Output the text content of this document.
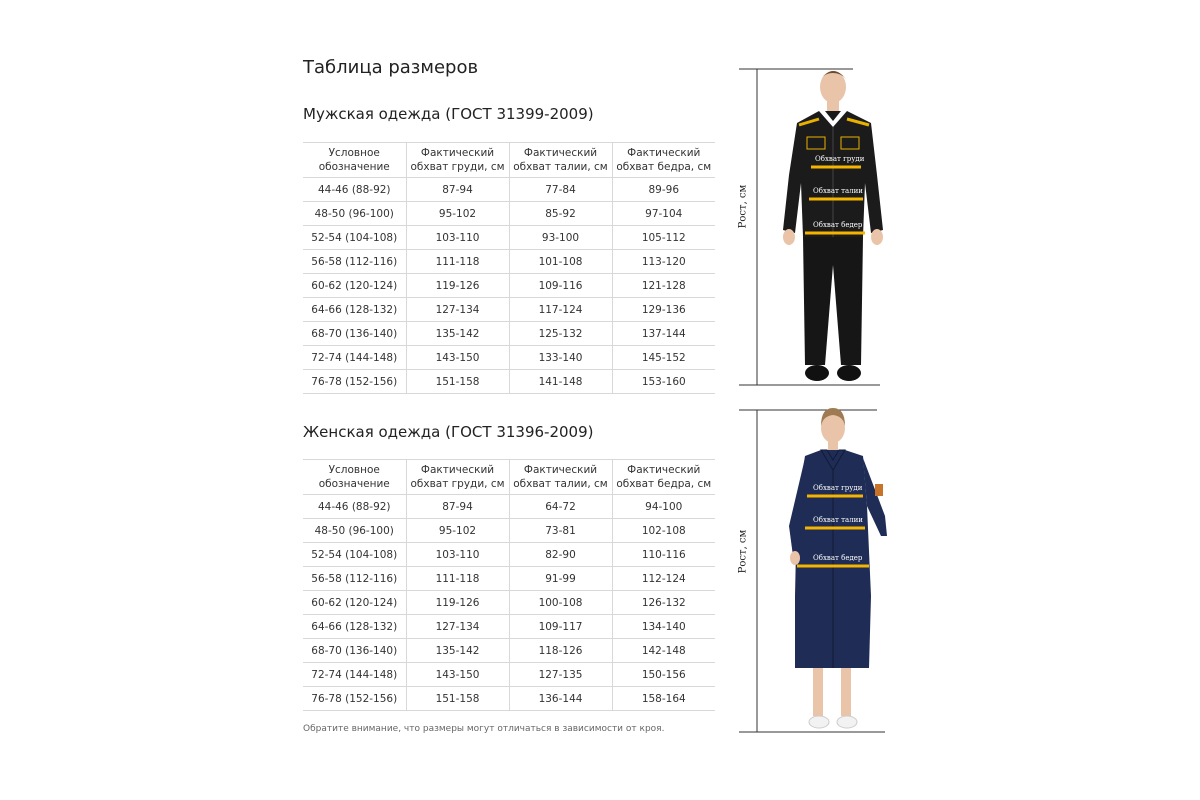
Таблица размеров
Мужская одежда (ГОСТ 31399-2009)
Условное обозначение	Фактический обхват груди, см	Фактический обхват талии, см	Фактический обхват бедра, см
44-46 (88-92)	87-94	77-84	89-96
48-50 (96-100)	95-102	85-92	97-104
52-54 (104-108)	103-110	93-100	105-112
56-58 (112-116)	111-118	101-108	113-120
60-62 (120-124)	119-126	109-116	121-128
64-66 (128-132)	127-134	117-124	129-136
68-70 (136-140)	135-142	125-132	137-144
72-74 (144-148)	143-150	133-140	145-152
76-78 (152-156)	151-158	141-148	153-160
Женская одежда (ГОСТ 31396-2009)
Условное обозначение	Фактический обхват груди, см	Фактический обхват талии, см	Фактический обхват бедра, см
44-46 (88-92)	87-94	64-72	94-100
48-50 (96-100)	95-102	73-81	102-108
52-54 (104-108)	103-110	82-90	110-116
56-58 (112-116)	111-118	91-99	112-124
60-62 (120-124)	119-126	100-108	126-132
64-66 (128-132)	127-134	109-117	134-140
68-70 (136-140)	135-142	118-126	142-148
72-74 (144-148)	143-150	127-135	150-156
76-78 (152-156)	151-158	136-144	158-164
Обратите внимание, что размеры могут отличаться в зависимости от кроя.
Обхват груди
Обхват талии
Обхват бедер
Рост, см
Обхват груди
Обхват талии
Обхват бедер
Рост, см
